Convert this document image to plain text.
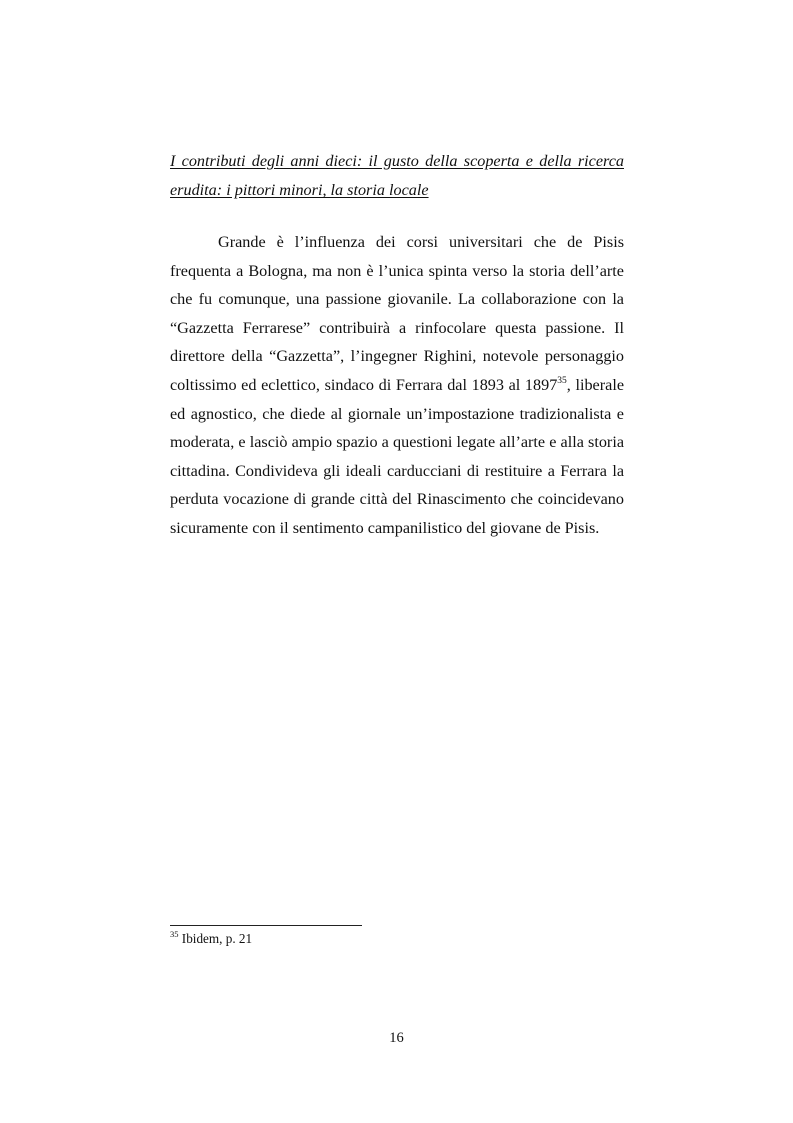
I contributi degli anni dieci: il gusto della scoperta e della ricerca erudita: i pittori minori, la storia locale

Grande è l’influenza dei corsi universitari che de Pisis frequenta a Bologna, ma non è l’unica spinta verso la storia dell’arte che fu comunque, una passione giovanile. La collaborazione con la “Gazzetta Ferrarese” contribuirà a rinfocolare questa passione. Il direttore della “Gazzetta”, l’ingegner Righini, notevole personaggio coltissimo ed eclettico, sindaco di Ferrara dal 1893 al 1897$^{35}$, liberale ed agnostico, che diede al giornale un’impostazione tradizionalista e moderata, e lasciò ampio spazio a questioni legate all’arte e alla storia cittadina. Condivideva gli ideali carducciani di restituire a Ferrara la perduta vocazione di grande città del Rinascimento che coincidevano sicuramente con il sentimento campanilistico del giovane de Pisis.

$^{35}$ Ibidem, p. 21

16
